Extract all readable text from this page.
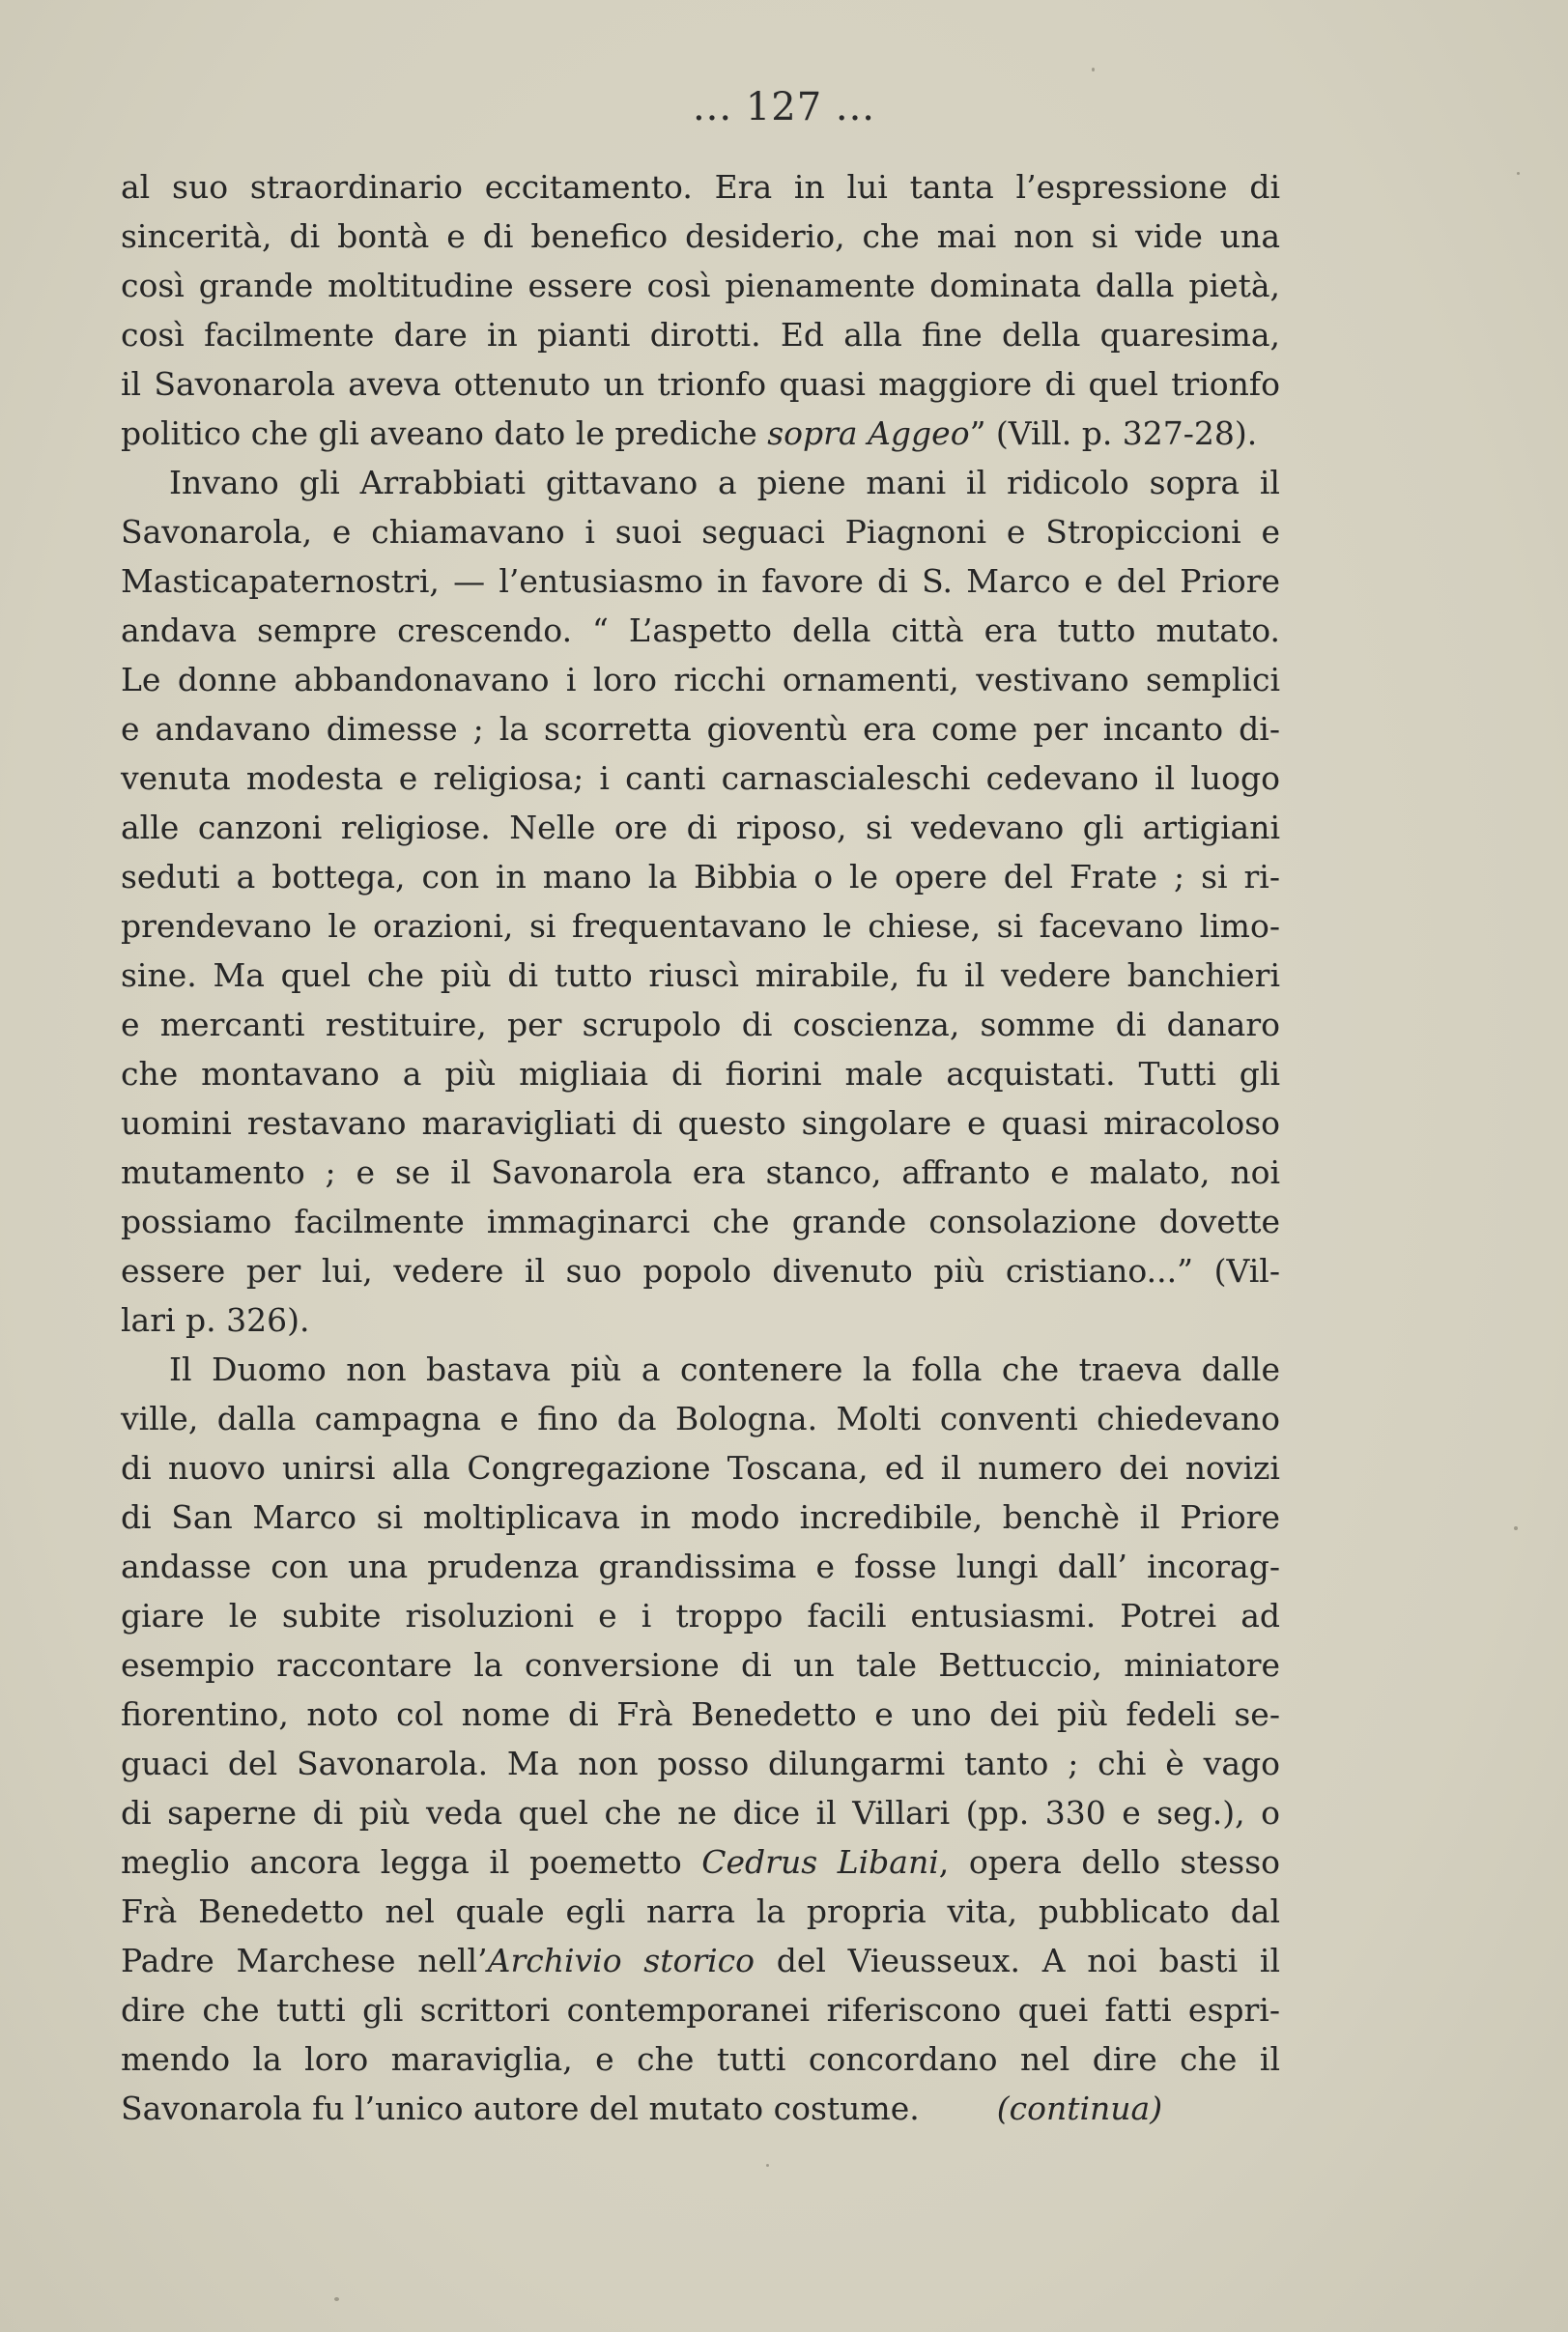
... 127 ...
al suo straordinario eccitamento. Era in lui tanta l’espressione di
sincerità, di bontà e di benefico desiderio, che mai non si vide una
così grande moltitudine essere così pienamente dominata dalla pietà,
così facilmente dare in pianti dirotti. Ed alla fine della quaresima,
il Savonarola aveva ottenuto un trionfo quasi maggiore di quel trionfo
politico che gli aveano dato le prediche sopra Aggeo” (Vill. p. 327-28).
Invano gli Arrabbiati gittavano a piene mani il ridicolo sopra il
Savonarola, e chiamavano i suoi seguaci Piagnoni e Stropiccioni e
Masticapaternostri, — l’entusiasmo in favore di S. Marco e del Priore
andava sempre crescendo. “ L’aspetto della città era tutto mutato.
Le donne abbandonavano i loro ricchi ornamenti, vestivano semplici
e andavano dimesse ; la scorretta gioventù era come per incanto di-
venuta modesta e religiosa; i canti carnascialeschi cedevano il luogo
alle canzoni religiose. Nelle ore di riposo, si vedevano gli artigiani
seduti a bottega, con in mano la Bibbia o le opere del Frate ; si ri-
prendevano le orazioni, si frequentavano le chiese, si facevano limo-
sine. Ma quel che più di tutto riuscì mirabile, fu il vedere banchieri
e mercanti restituire, per scrupolo di coscienza, somme di danaro
che montavano a più migliaia di fiorini male acquistati. Tutti gli
uomini restavano maravigliati di questo singolare e quasi miracoloso
mutamento ; e se il Savonarola era stanco, affranto e malato, noi
possiamo facilmente immaginarci che grande consolazione dovette
essere per lui, vedere il suo popolo divenuto più cristiano...” (Vil-
lari p. 326).
Il Duomo non bastava più a contenere la folla che traeva dalle
ville, dalla campagna e fino da Bologna. Molti conventi chiedevano
di nuovo unirsi alla Congregazione Toscana, ed il numero dei novizi
di San Marco si moltiplicava in modo incredibile, benchè il Priore
andasse con una prudenza grandissima e fosse lungi dall’ incorag-
giare le subite risoluzioni e i troppo facili entusiasmi. Potrei ad
esempio raccontare la conversione di un tale Bettuccio, miniatore
fiorentino, noto col nome di Frà Benedetto e uno dei più fedeli se-
guaci del Savonarola. Ma non posso dilungarmi tanto ; chi è vago
di saperne di più veda quel che ne dice il Villari (pp. 330 e seg.), o
meglio ancora legga il poemetto Cedrus Libani, opera dello stesso
Frà Benedetto nel quale egli narra la propria vita, pubblicato dal
Padre Marchese nell’Archivio storico del Vieusseux. A noi basti il
dire che tutti gli scrittori contemporanei riferiscono quei fatti espri-
mendo la loro maraviglia, e che tutti concordano nel dire che il
Savonarola fu l’unico autore del mutato costume. (continua)
